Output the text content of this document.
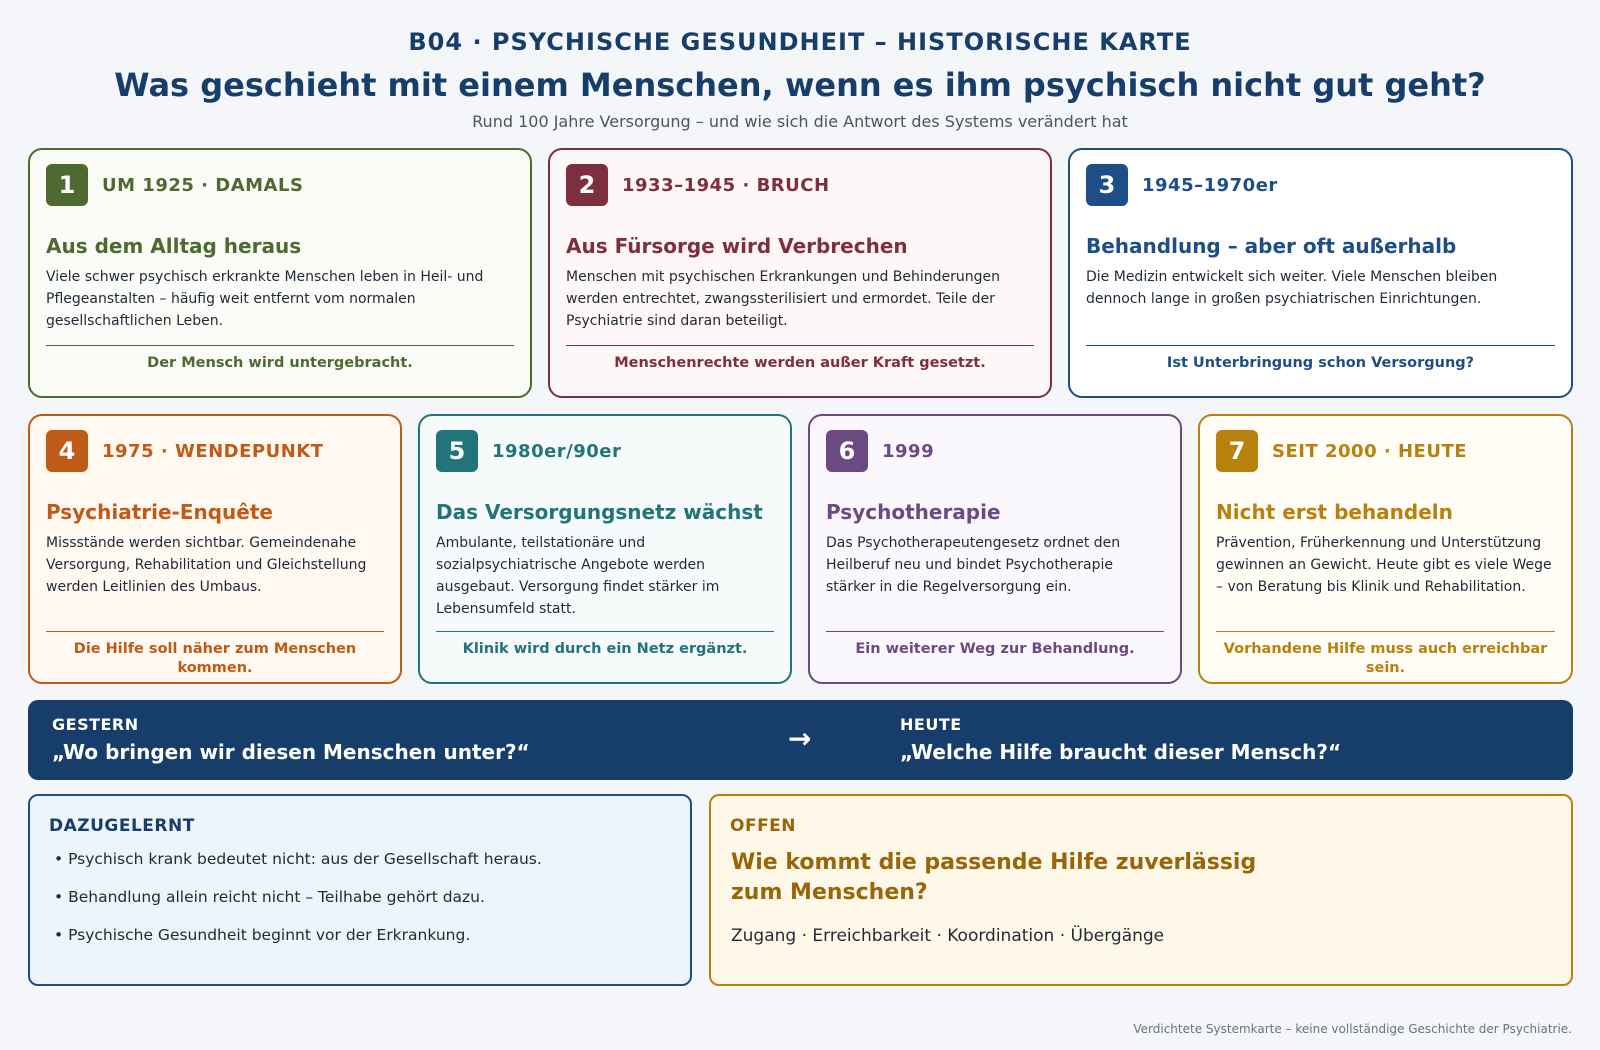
B04 · PSYCHISCHE GESUNDHEIT – HISTORISCHE KARTE
Was geschieht mit einem Menschen, wenn es ihm psychisch nicht gut geht?
Rund 100 Jahre Versorgung – und wie sich die Antwort des Systems verändert hat
1	UM 1925 · DAMALS
Aus dem Alltag heraus
Viele schwer psychisch erkrankte Menschen leben in Heil- und Pflegeanstalten – häufig weit entfernt vom normalen gesellschaftlichen Leben.
Der Mensch wird untergebracht.
2	1933–1945 · BRUCH
Aus Fürsorge wird Verbrechen
Menschen mit psychischen Erkrankungen und Behinderungen werden entrechtet, zwangssterilisiert und ermordet. Teile der Psychiatrie sind daran beteiligt.
Menschenrechte werden außer Kraft gesetzt.
3	1945–1970er
Behandlung – aber oft außerhalb
Die Medizin entwickelt sich weiter. Viele Menschen bleiben dennoch lange in großen psychiatrischen Einrichtungen.
Ist Unterbringung schon Versorgung?
4	1975 · WENDEPUNKT
Psychiatrie-Enquête
Missstände werden sichtbar. Gemeindenahe Versorgung, Rehabilitation und Gleichstellung werden Leitlinien des Umbaus.
Die Hilfe soll näher zum Menschen kommen.
5	1980er/90er
Das Versorgungsnetz wächst
Ambulante, teilstationäre und sozialpsychiatrische Angebote werden ausgebaut. Versorgung findet stärker im Lebensumfeld statt.
Klinik wird durch ein Netz ergänzt.
6	1999
Psychotherapie
Das Psychotherapeutengesetz ordnet den Heilberuf neu und bindet Psychotherapie stärker in die Regelversorgung ein.
Ein weiterer Weg zur Behandlung.
7	SEIT 2000 · HEUTE
Nicht erst behandeln
Prävention, Früherkennung und Unterstützung gewinnen an Gewicht. Heute gibt es viele Wege – von Beratung bis Klinik und Rehabilitation.
Vorhandene Hilfe muss auch erreichbar sein.
GESTERN
„Wo bringen wir diesen Menschen unter?“	→	HEUTE
„Welche Hilfe braucht dieser Mensch?“
DAZUGELERNT
• Psychisch krank bedeutet nicht: aus der Gesellschaft heraus.
• Behandlung allein reicht nicht – Teilhabe gehört dazu.
• Psychische Gesundheit beginnt vor der Erkrankung.
OFFEN
Wie kommt die passende Hilfe zuverlässig zum Menschen?
Zugang · Erreichbarkeit · Koordination · Übergänge
Verdichtete Systemkarte – keine vollständige Geschichte der Psychiatrie.
